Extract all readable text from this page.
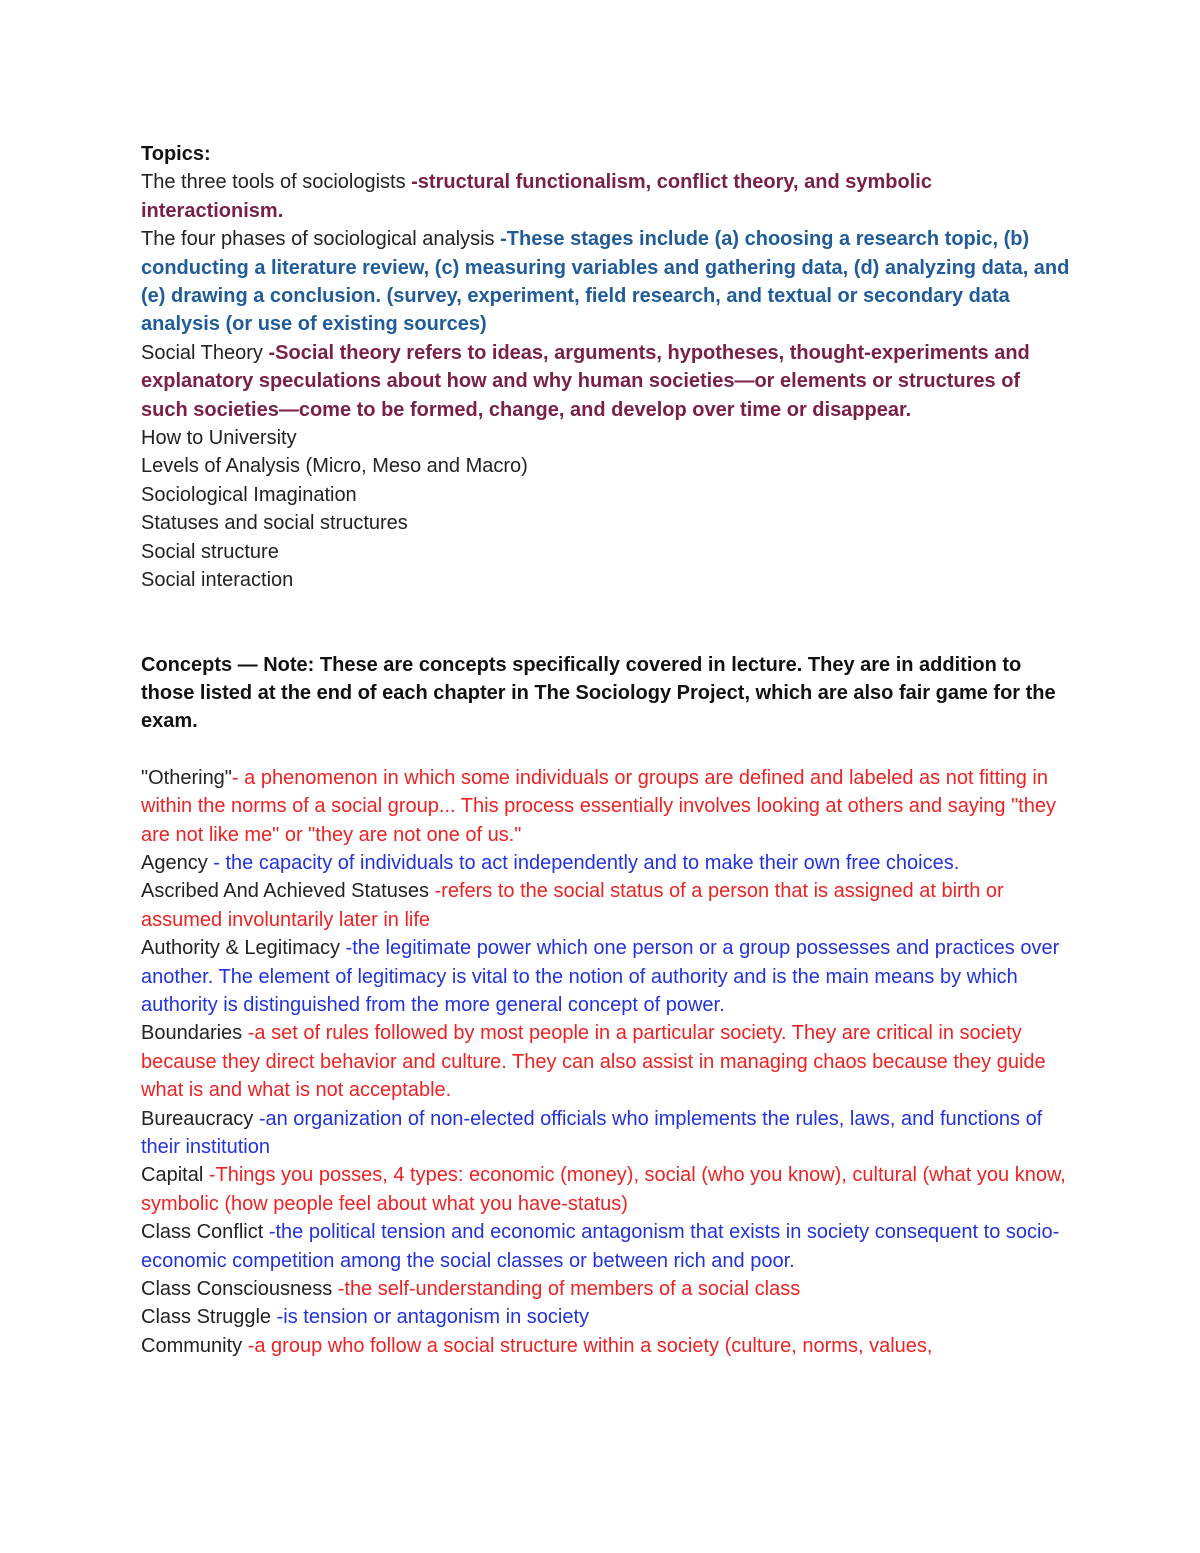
Topics:
The three tools of sociologists -structural functionalism, conflict theory, and symbolic interactionism.
The four phases of sociological analysis -These stages include (a) choosing a research topic, (b) conducting a literature review, (c) measuring variables and gathering data, (d) analyzing data, and (e) drawing a conclusion. (survey, experiment, field research, and textual or secondary data analysis (or use of existing sources)
Social Theory -Social theory refers to ideas, arguments, hypotheses, thought-experiments and explanatory speculations about how and why human societies—or elements or structures of such societies—come to be formed, change, and develop over time or disappear.
How to University
Levels of Analysis (Micro, Meso and Macro)
Sociological Imagination
Statuses and social structures
Social structure
Social interaction
Concepts — Note: These are concepts specifically covered in lecture. They are in addition to those listed at the end of each chapter in The Sociology Project, which are also fair game for the exam.
"Othering"- a phenomenon in which some individuals or groups are defined and labeled as not fitting in within the norms of a social group... This process essentially involves looking at others and saying "they are not like me" or "they are not one of us."
Agency - the capacity of individuals to act independently and to make their own free choices.
Ascribed And Achieved Statuses -refers to the social status of a person that is assigned at birth or assumed involuntarily later in life
Authority & Legitimacy -the legitimate power which one person or a group possesses and practices over another. The element of legitimacy is vital to the notion of authority and is the main means by which authority is distinguished from the more general concept of power.
Boundaries -a set of rules followed by most people in a particular society. They are critical in society because they direct behavior and culture. They can also assist in managing chaos because they guide what is and what is not acceptable.
Bureaucracy -an organization of non-elected officials who implements the rules, laws, and functions of their institution
Capital -Things you posses, 4 types: economic (money), social (who you know), cultural (what you know, symbolic (how people feel about what you have-status)
Class Conflict -the political tension and economic antagonism that exists in society consequent to socio-economic competition among the social classes or between rich and poor.
Class Consciousness -the self-understanding of members of a social class
Class Struggle -is tension or antagonism in society
Community -a group who follow a social structure within a society (culture, norms, values,
